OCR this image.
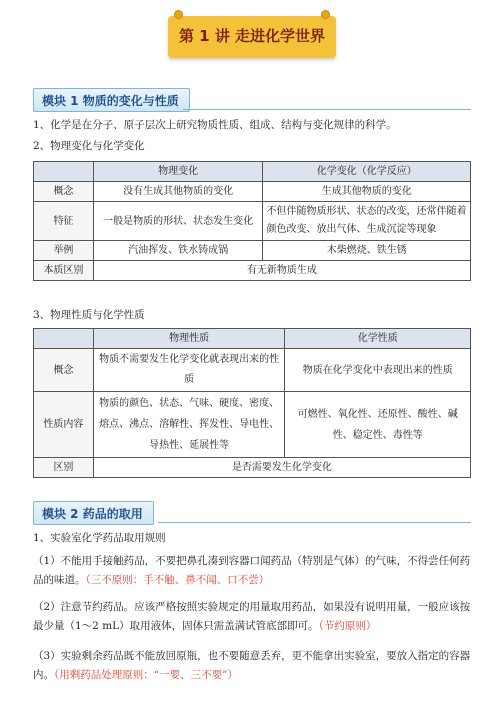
第 1 讲 走进化学世界
模块 1 物质的变化与性质
1、化学是在分子、原子层次上研究物质性质、组成、结构与变化规律的科学。
2、物理变化与化学变化
	物理变化	化学变化（化学反应）
概念	没有生成其他物质的变化	生成其他物质的变化
特征	一般是物质的形状、状态发生变化	不但伴随物质形状、状态的改变，还常伴随着颜色改变、放出气体、生成沉淀等现象
举例	汽油挥发、铁水铸成锅	木柴燃烧、铁生锈
本质区别	有无新物质生成	
3、物理性质与化学性质
	物理性质	化学性质
概念	物质不需要发生化学变化就表现出来的性质	物质在化学变化中表现出来的性质
性质内容	物质的颜色、状态、气味、硬度、密度、熔点、沸点、溶解性、挥发性、导电性、导热性、延展性等	可燃性、氧化性、还原性、酸性、碱性、稳定性、毒性等
区别	是否需要发生化学变化	
模块 2 药品的取用
1、实验室化学药品取用规则
（1）不能用手接触药品，不要把鼻孔凑到容器口闻药品（特别是气体）的气味，不得尝任何药品的味道。（三不原则：手不触、鼻不闻、口不尝）
（2）注意节约药品。应该严格按照实验规定的用量取用药品，如果没有说明用量，一般应该按最少量（1～2 mL）取用液体，固体只需盖满试管底部即可。（节约原则）
（3）实验剩余药品既不能放回原瓶，也不要随意丢弃，更不能拿出实验室，要放入指定的容器内。（用剩药品处理原则：“一要、三不要”）
